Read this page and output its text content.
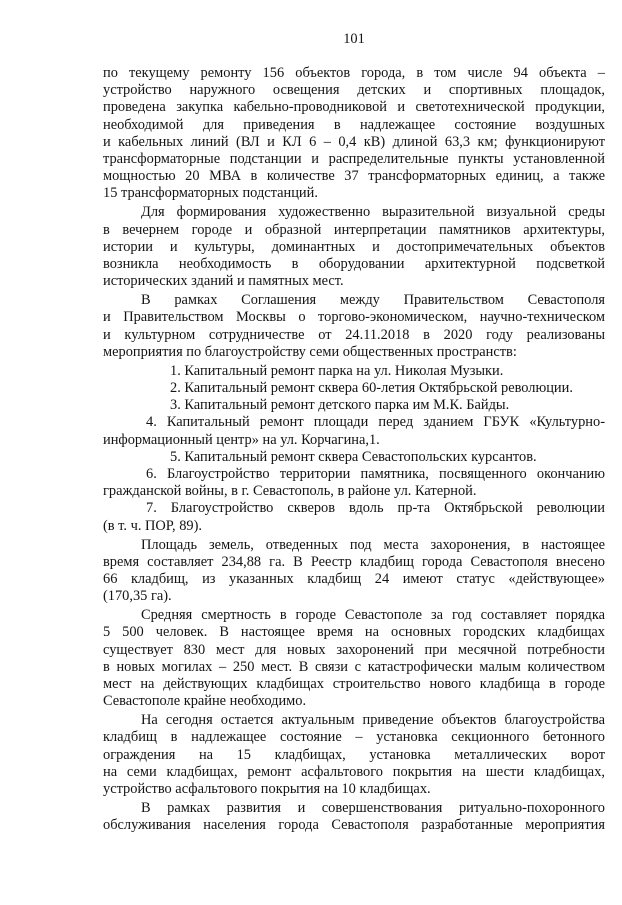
101
по текущему ремонту 156 объектов города, в том числе 94 объекта –
устройство наружного освещения детских и спортивных площадок,
проведена закупка кабельно-проводниковой и светотехнической продукции,
необходимой для приведения в надлежащее состояние воздушных
и кабельных линий (ВЛ и КЛ 6 – 0,4 кВ) длиной 63,3 км; функционируют
трансформаторные подстанции и распределительные пункты установленной
мощностью 20 МВА в количестве 37 трансформаторных единиц, а также
15 трансформаторных подстанций.
Для формирования художественно выразительной визуальной среды
в вечернем городе и образной интерпретации памятников архитектуры,
истории и культуры, доминантных и достопримечательных объектов
возникла необходимость в оборудовании архитектурной подсветкой
исторических зданий и памятных мест.
В рамках Соглашения между Правительством Севастополя
и Правительством Москвы о торгово-экономическом, научно-техническом
и культурном сотрудничестве от 24.11.2018 в 2020 году реализованы
мероприятия по благоустройству семи общественных пространств:
1. Капитальный ремонт парка на ул. Николая Музыки.
2. Капитальный ремонт сквера 60-летия Октябрьской революции.
3. Капитальный ремонт детского парка им М.К. Байды.
4. Капитальный ремонт площади перед зданием ГБУК «Культурно-
информационный центр» на ул. Корчагина,1.
5. Капитальный ремонт сквера Севастопольских курсантов.
6. Благоустройство территории памятника, посвященного окончанию
гражданской войны, в г. Севастополь, в районе ул. Катерной.
7. Благоустройство скверов вдоль пр-та Октябрьской революции
(в т. ч. ПОР, 89).
Площадь земель, отведенных под места захоронения, в настоящее
время составляет 234,88 га. В Реестр кладбищ города Севастополя внесено
66 кладбищ, из указанных кладбищ 24 имеют статус «действующее»
(170,35 га).
Средняя смертность в городе Севастополе за год составляет порядка
5 500 человек. В настоящее время на основных городских кладбищах
существует 830 мест для новых захоронений при месячной потребности
в новых могилах – 250 мест. В связи с катастрофически малым количеством
мест на действующих кладбищах строительство нового кладбища в городе
Севастополе крайне необходимо.
На сегодня остается актуальным приведение объектов благоустройства
кладбищ в надлежащее состояние – установка секционного бетонного
ограждения на 15 кладбищах, установка металлических ворот
на семи кладбищах, ремонт асфальтового покрытия на шести кладбищах,
устройство асфальтового покрытия на 10 кладбищах.
В рамках развития и совершенствования ритуально-похоронного
обслуживания населения города Севастополя разработанные мероприятия
